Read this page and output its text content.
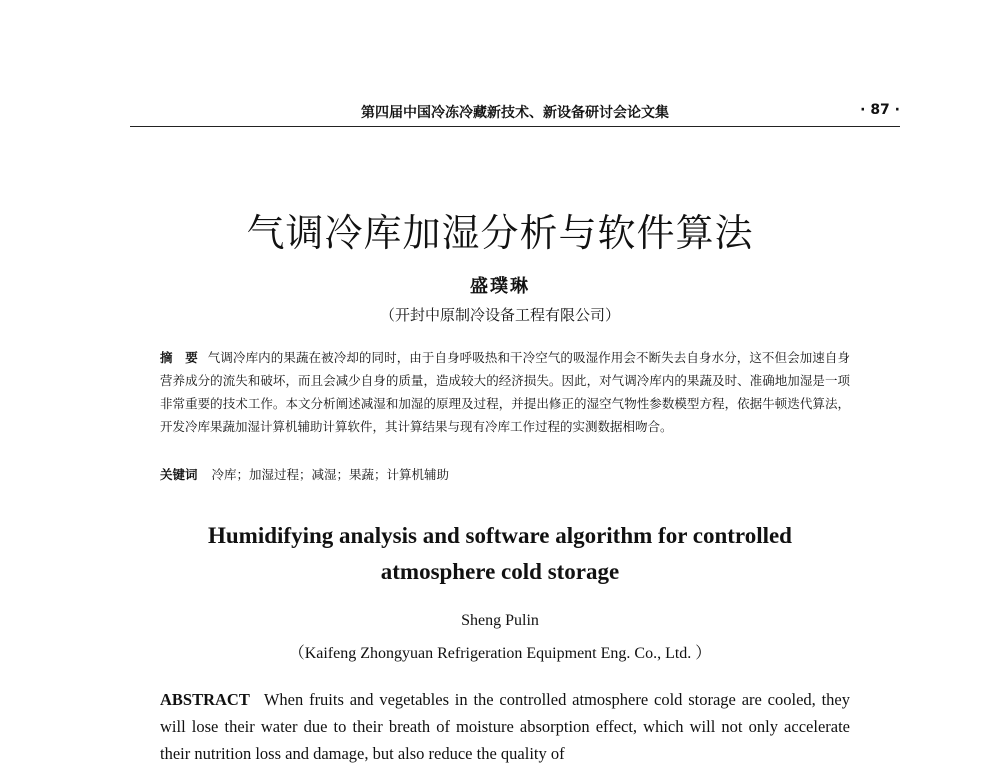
第四届中国冷冻冷藏新技术、新设备研讨会论文集	· 87 ·
气调冷库加湿分析与软件算法
盛璞琳
（开封中原制冷设备工程有限公司）
摘　要 气调冷库内的果蔬在被冷却的同时，由于自身呼吸热和干冷空气的吸湿作用会不断失去自身水分，这不但会加速自身营养成分的流失和破坏，而且会减少自身的质量，造成较大的经济损失。因此，对气调冷库内的果蔬及时、准确地加湿是一项非常重要的技术工作。本文分析阐述减湿和加湿的原理及过程，并提出修正的湿空气物性参数模型方程，依据牛顿迭代算法，开发冷库果蔬加湿计算机辅助计算软件，其计算结果与现有冷库工作过程的实测数据相吻合。
关键词 冷库；加湿过程；减湿；果蔬；计算机辅助
Humidifying analysis and software algorithm for controlled
atmosphere cold storage
Sheng Pulin
（Kaifeng Zhongyuan Refrigeration Equipment Eng. Co., Ltd. ）
ABSTRACT When fruits and vegetables in the controlled atmosphere cold storage are cooled, they will lose their water due to their breath of moisture absorption effect, which will not only accelerate their nutrition loss and damage, but also reduce the quality of
